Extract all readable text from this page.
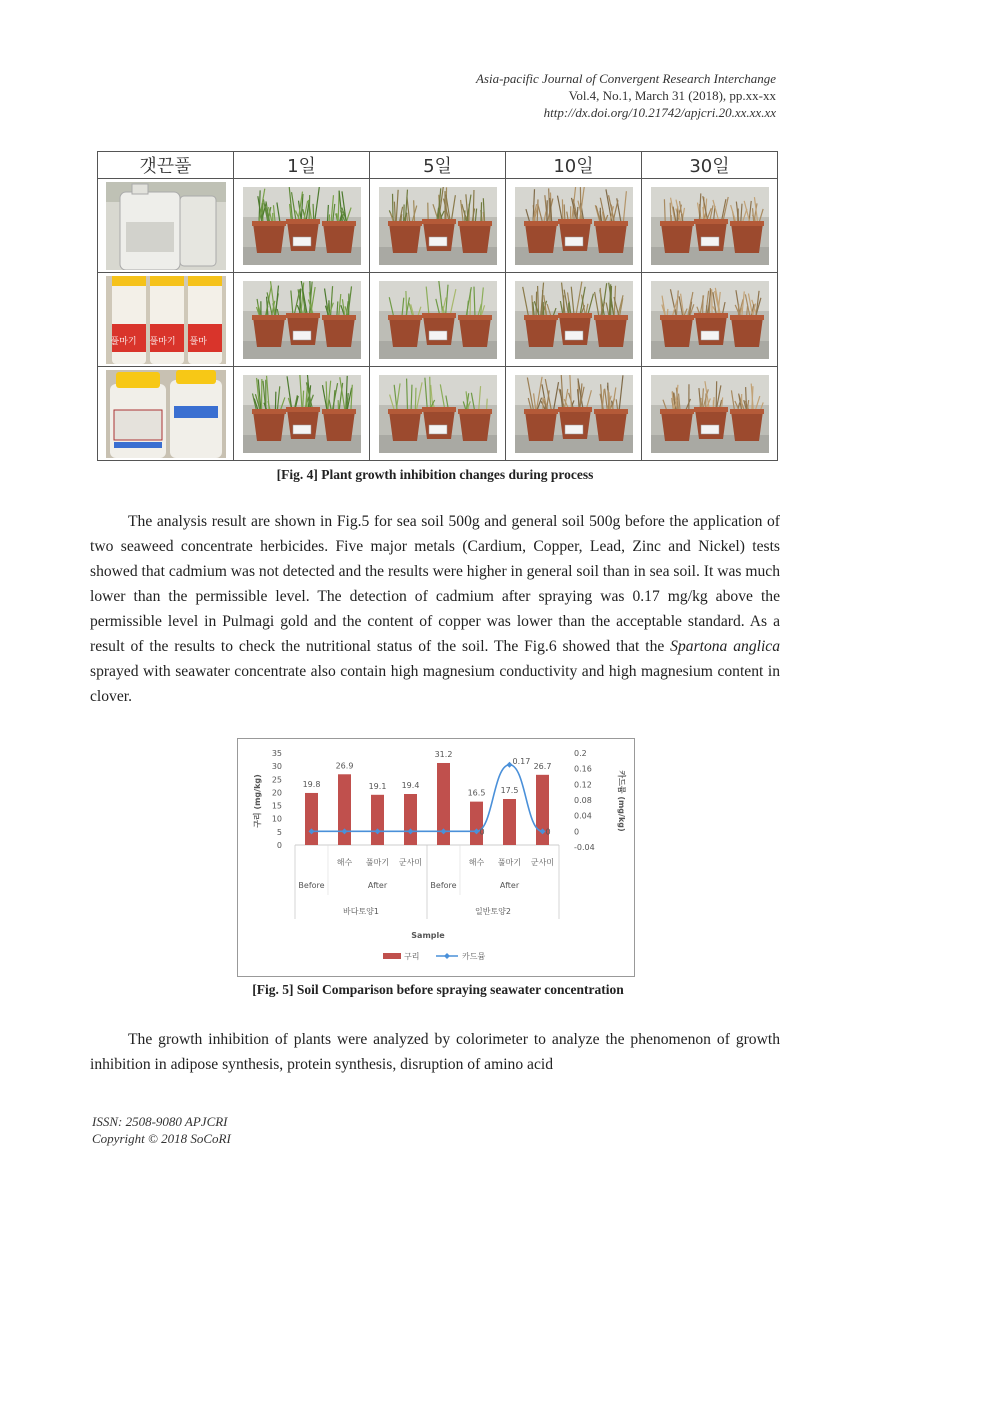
Asia-pacific Journal of Convergent Research Interchange
Vol.4, No.1, March 31 (2018), pp.xx-xx
http://dx.doi.org/10.21742/apjcri.20.xx.xx.xx
갯끈풀	1일	5일	10일	30일

풀마기 풀마기 풀마

[Fig. 4] Plant growth inhibition changes during process

The analysis result are shown in Fig.5 for sea soil 500g and general soil 500g before the application of two seaweed concentrate herbicides. Five major metals (Cardium, Copper, Lead, Zinc and Nickel) tests showed that cadmium was not detected and the results were higher in general soil than in sea soil. It was much lower than the permissible level. The detection of cadmium after spraying was 0.17 mg/kg above the permissible level in Pulmagi gold and the content of copper was lower than the acceptable standard. As a result of the results to check the nutritional status of the soil. The Fig.6 showed that the Spartona anglica sprayed with seawater concentrate also contain high magnesium conductivity and high magnesium content in clover.

35
30
25
20
15
10
5
0
0.2
0.16
0.12
0.08
0.04
0
-0.04
구리 (mg/kg)	카드뮴 (mg/kg)
19.8
26.9
19.1 19.4
31.2
16.5 17.5
26.7
0
0.17
0
해수 풀마기 군사미	해수 풀마기 군사미
Before	After	Before	After
바다토양1	일반토양2
Sample
구리	카드뮴
[Fig. 5] Soil Comparison before spraying seawater concentration

The growth inhibition of plants were analyzed by colorimeter to analyze the phenomenon of growth inhibition in adipose synthesis, protein synthesis, disruption of amino acid

ISSN: 2508-9080 APJCRI
Copyright © 2018 SoCoRI
